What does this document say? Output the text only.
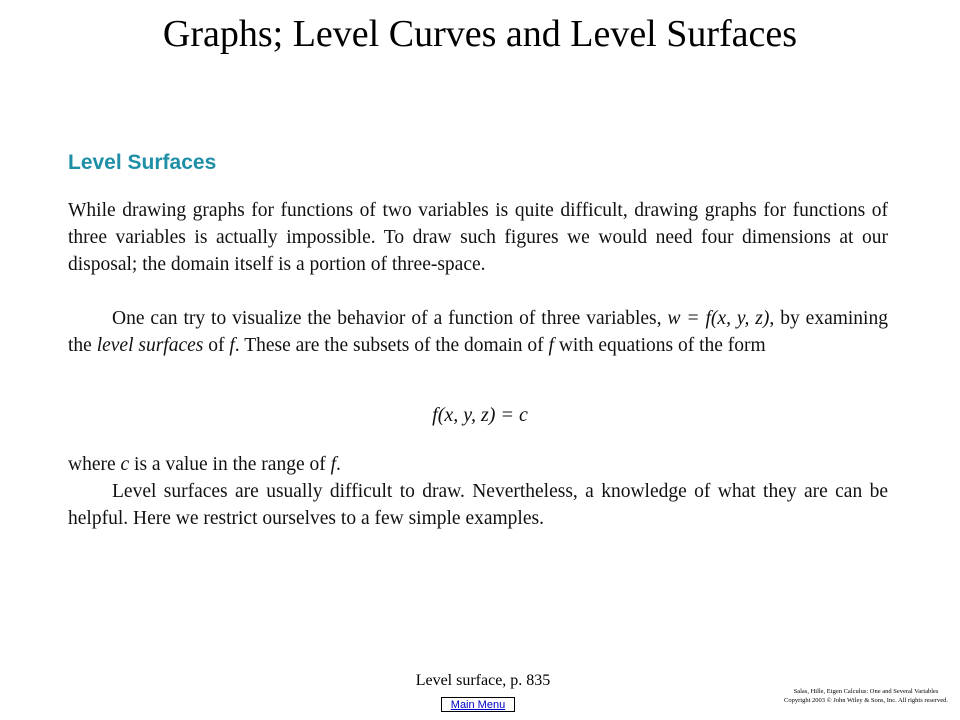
Graphs; Level Curves and Level Surfaces
Level Surfaces
While drawing graphs for functions of two variables is quite difficult, drawing graphs for functions of three variables is actually impossible. To draw such figures we would need four dimensions at our disposal; the domain itself is a portion of three-space.
One can try to visualize the behavior of a function of three variables, w = f(x, y, z), by examining the level surfaces of f. These are the subsets of the domain of f with equations of the form
f(x, y, z) = c
where c is a value in the range of f.
Level surfaces are usually difficult to draw. Nevertheless, a knowledge of what they are can be helpful. Here we restrict ourselves to a few simple examples.
Level surface, p. 835
Main Menu
Salas, Hille, Etgen Calculus: One and Several Variables
Copyright 2003 © John Wiley & Sons, Inc. All rights reserved.
